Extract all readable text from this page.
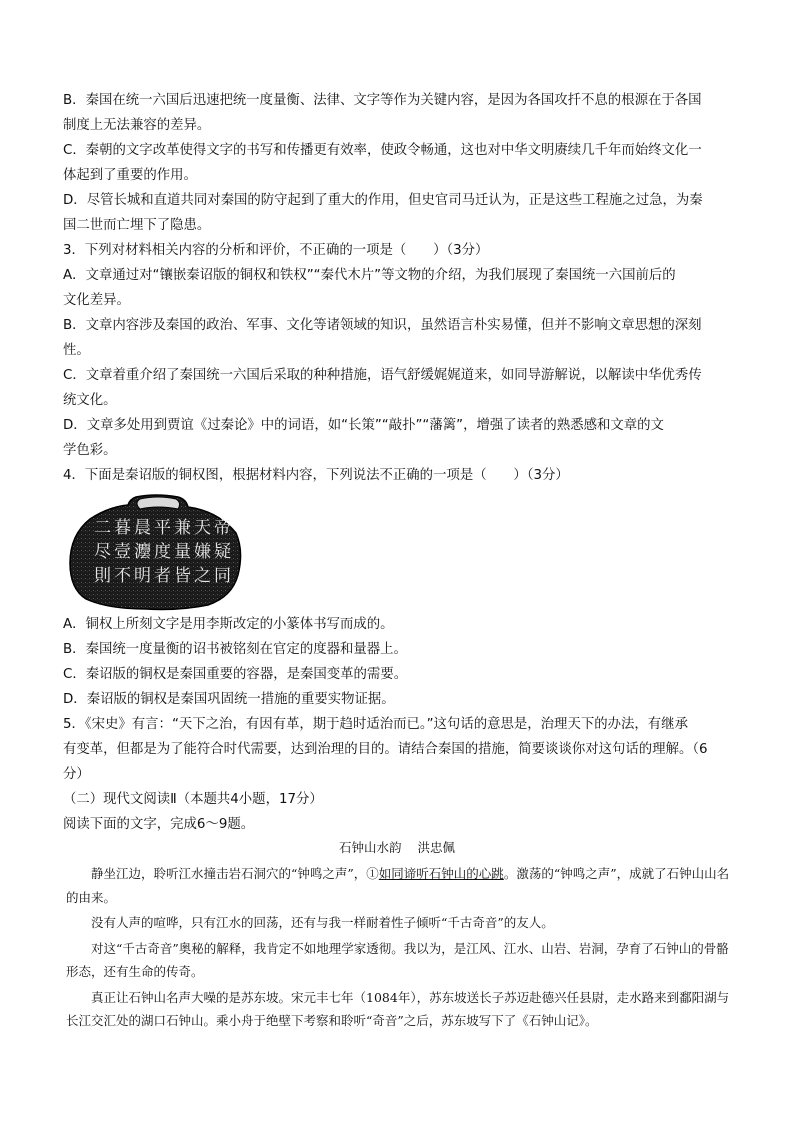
B．秦国在统一六国后迅速把统一度量衡、法律、文字等作为关键内容，是因为各国攻扦不息的根源在于各国
制度上无法兼容的差异。
C．秦朝的文字改革使得文字的书写和传播更有效率，使政令畅通，这也对中华文明赓续几千年而始终文化一
体起到了重要的作用。
D．尽管长城和直道共同对秦国的防守起到了重大的作用，但史官司马迁认为，正是这些工程施之过急，为秦
国二世而亡埋下了隐患。
3．下列对材料相关内容的分析和评价，不正确的一项是（　　）（3分）
A．文章通过对“镶嵌秦诏版的铜权和铁权”“秦代木片”等文物的介绍，为我们展现了秦国统一六国前后的
文化差异。
B．文章内容涉及秦国的政治、军事、文化等诸领域的知识，虽然语言朴实易懂，但并不影响文章思想的深刻
性。
C．文章着重介绍了秦国统一六国后采取的种种措施，语气舒缓娓娓道来，如同导游解说，以解读中华优秀传
统文化。
D．文章多处用到贾谊《过秦论》中的词语，如“长策”“敲扑”“藩篱”，增强了读者的熟悉感和文章的文
学色彩。
4．下面是秦诏版的铜权图，根据材料内容，下列说法不正确的一项是（　　）（3分）
二 暮 晨 平 兼 天 帝
尽 壹 灋 度 量 嫌 疑
則 不 明 者 皆 之 同
A．铜权上所刻文字是用李斯改定的小篆体书写而成的。
B．秦国统一度量衡的诏书被铭刻在官定的度器和量器上。
C．秦诏版的铜权是秦国重要的容器，是秦国变革的需要。
D．秦诏版的铜权是秦国巩固统一措施的重要实物证据。
5．《宋史》有言：“天下之治，有因有革，期于趋时适治而已。”这句话的意思是，治理天下的办法，有继承
有变革，但都是为了能符合时代需要，达到治理的目的。请结合秦国的措施，简要谈谈你对这句话的理解。（6
分）
（二）现代文阅读Ⅱ（本题共4小题，17分）
阅读下面的文字，完成6～9题。
石钟山水韵 洪忠佩

静坐江边，聆听江水撞击岩石洞穴的“钟鸣之声”，①如同谛听石钟山的心跳。激荡的“钟鸣之声”，成就了石钟山山名的由来。

没有人声的喧哗，只有江水的回荡，还有与我一样耐着性子倾听“千古奇音”的友人。

对这“千古奇音”奥秘的解释，我肯定不如地理学家透彻。我以为，是江风、江水、山岩、岩洞，孕育了石钟山的骨骼形态，还有生命的传奇。

真正让石钟山名声大噪的是苏东坡。宋元丰七年（1084年），苏东坡送长子苏迈赴德兴任县尉，走水路来到鄱阳湖与长江交汇处的湖口石钟山。乘小舟于绝壁下考察和聆听“奇音”之后，苏东坡写下了《石钟山记》。
